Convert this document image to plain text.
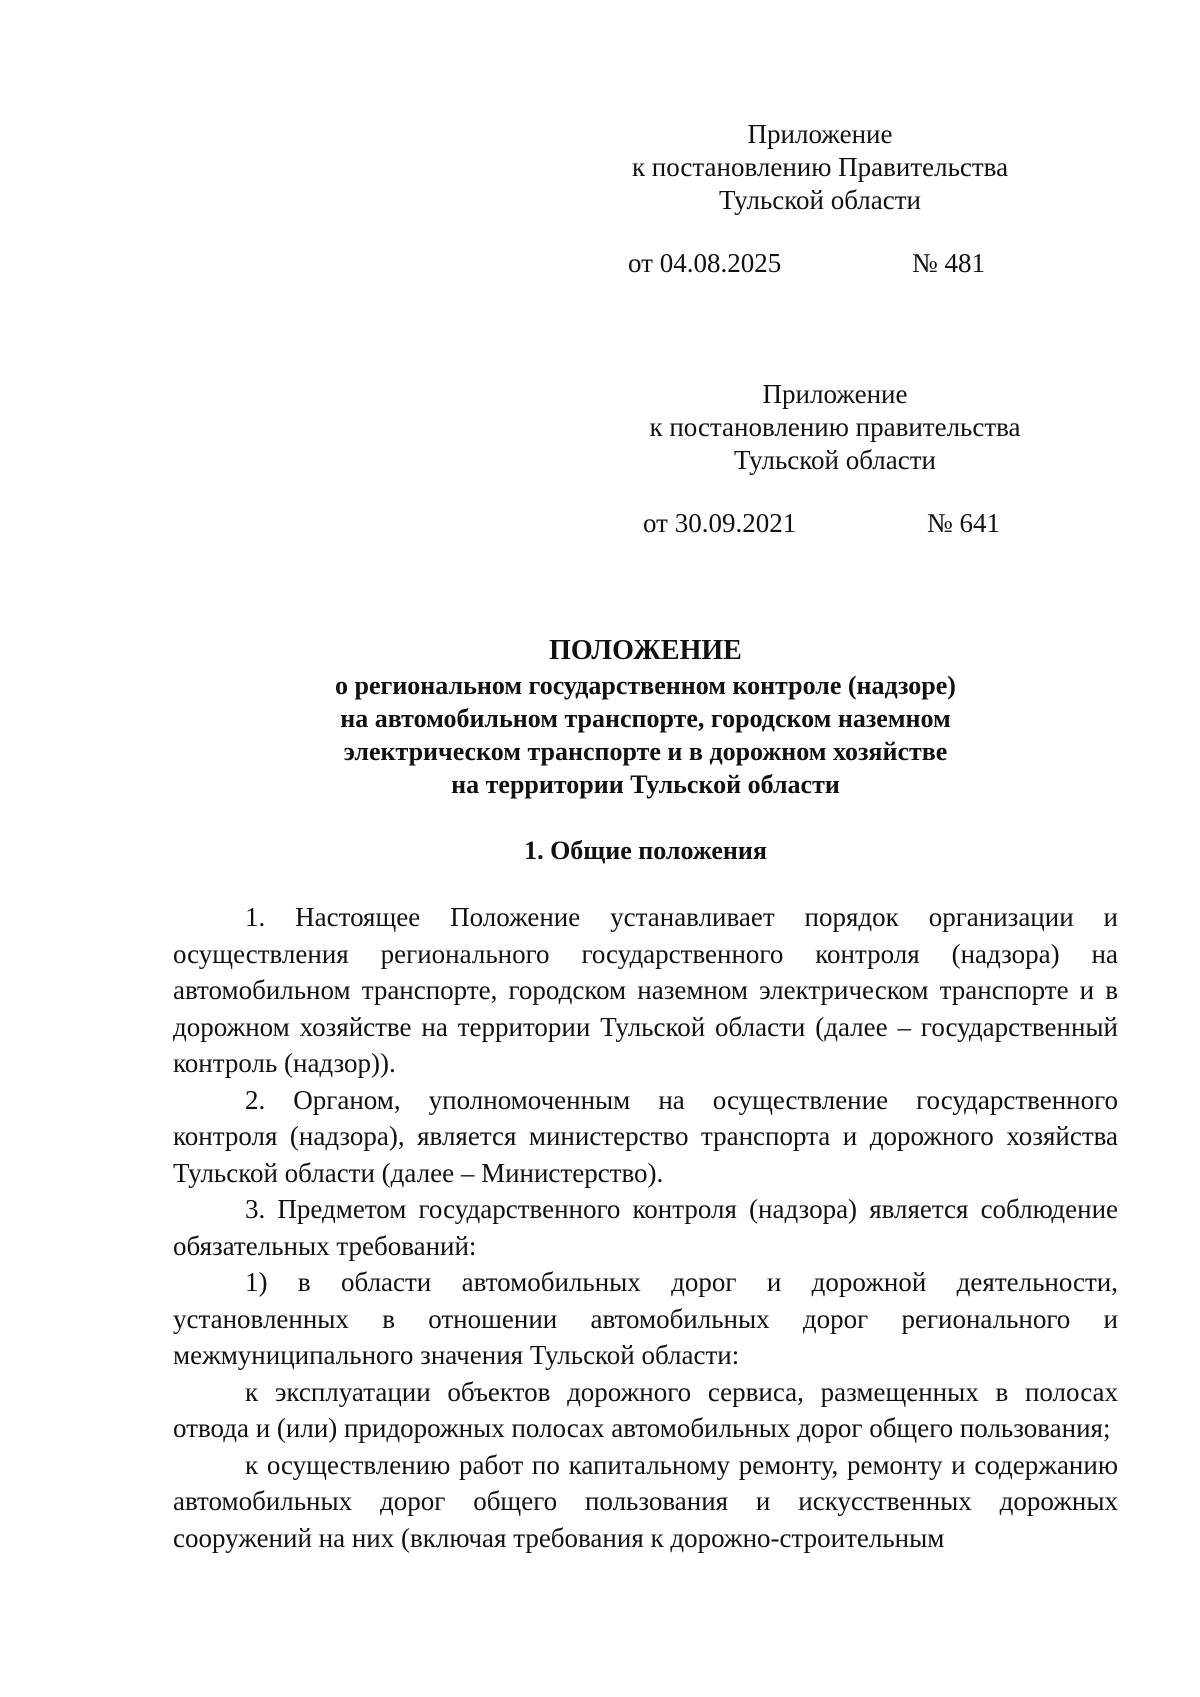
Приложение
к постановлению Правительства
Тульской области
от 04.08.2025	№ 481
Приложение
к постановлению правительства
Тульской области
от 30.09.2021	№ 641
ПОЛОЖЕНИЕ
о региональном государственном контроле (надзоре)
на автомобильном транспорте, городском наземном
электрическом транспорте и в дорожном хозяйстве
на территории Тульской области
1. Общие положения

1. Настоящее Положение устанавливает порядок организации и осуществления регионального государственного контроля (надзора) на автомобильном транспорте, городском наземном электрическом транспорте и в дорожном хозяйстве на территории Тульской области (далее – государственный контроль (надзор)).

2. Органом, уполномоченным на осуществление государственного контроля (надзора), является министерство транспорта и дорожного хозяйства Тульской области (далее – Министерство).

3. Предметом государственного контроля (надзора) является соблюдение обязательных требований:

1) в области автомобильных дорог и дорожной деятельности, установленных в отношении автомобильных дорог регионального и межмуниципального значения Тульской области:

к эксплуатации объектов дорожного сервиса, размещенных в полосах отвода и (или) придорожных полосах автомобильных дорог общего пользования;

к осуществлению работ по капитальному ремонту, ремонту и содержанию автомобильных дорог общего пользования и искусственных дорожных сооружений на них (включая требования к дорожно-строительным
